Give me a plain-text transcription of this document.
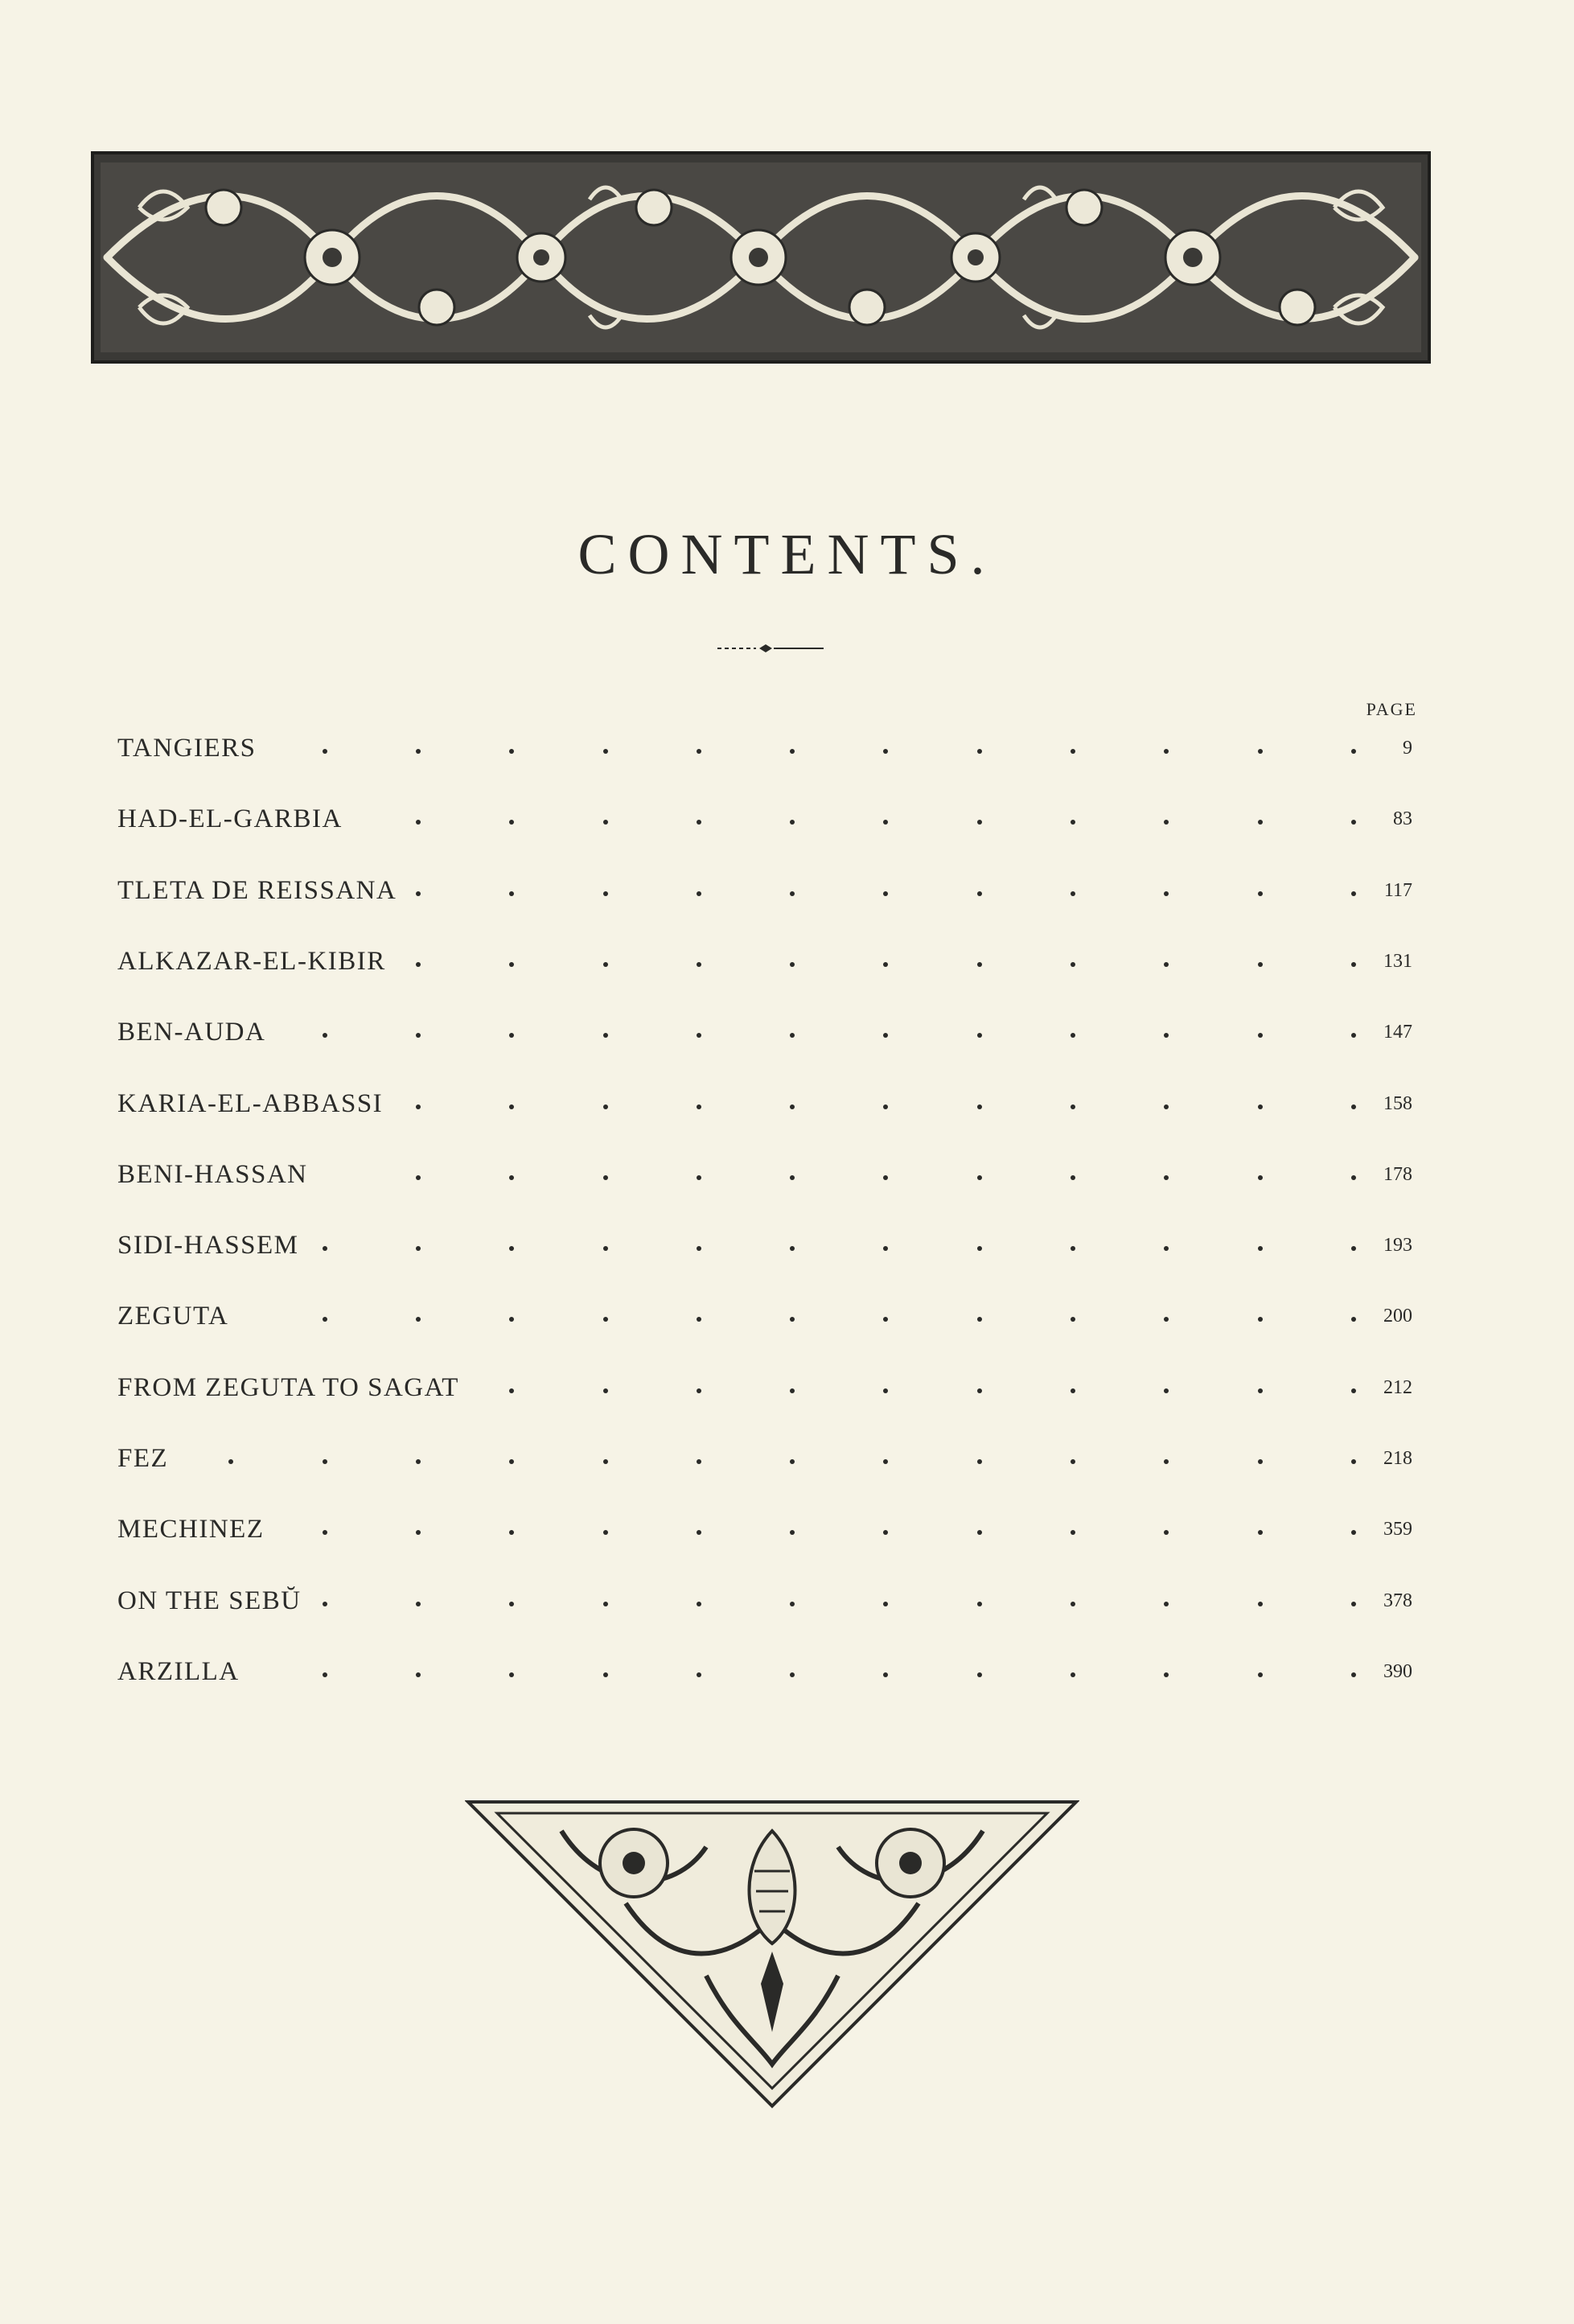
CONTENTS.
PAGE
TANGIERS	9
HAD-EL-GARBIA	83
TLETA DE REISSANA	117
ALKAZAR-EL-KIBIR	131
BEN-AUDA	147
KARIA-EL-ABBASSI	158
BENI-HASSAN	178
SIDI-HASSEM	193
ZEGUTA	200
FROM ZEGUTA TO SAGAT	212
FEZ	218
MECHINEZ	359
ON THE SEBŬ	378
ARZILLA	390
